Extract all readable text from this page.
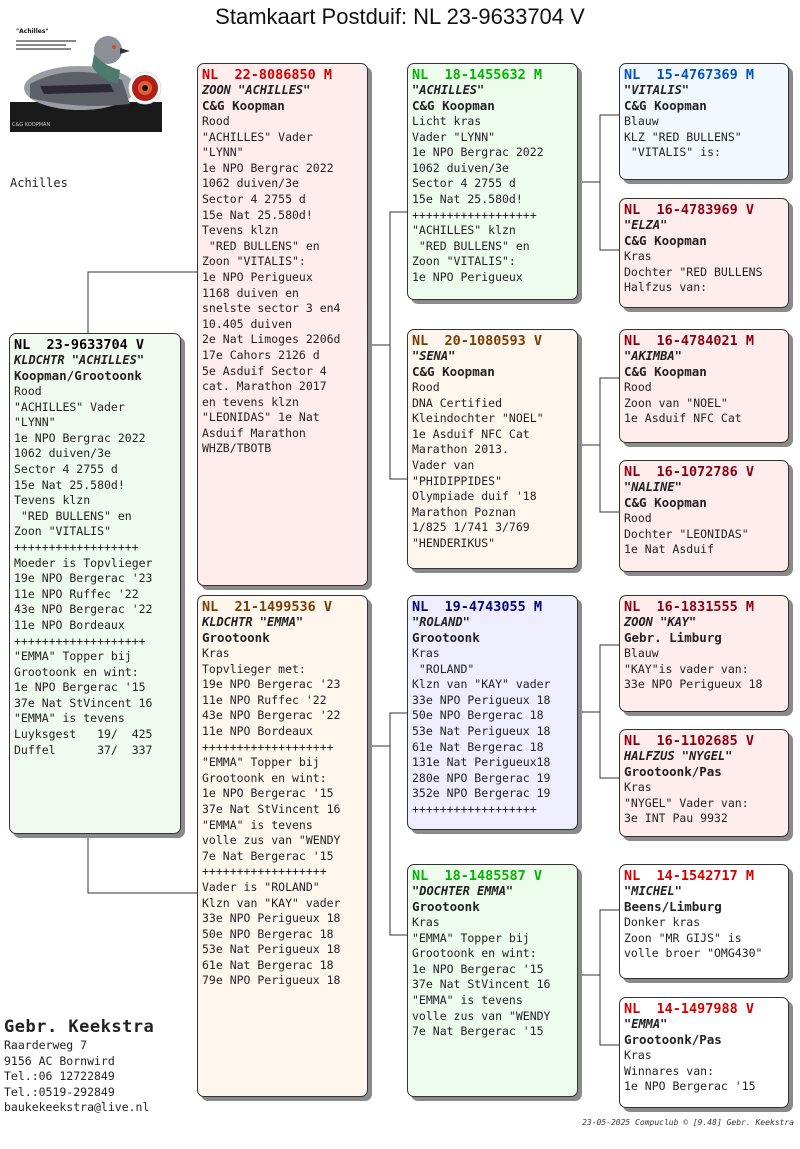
Stamkaart Postduif: NL 23-9633704 V
C&G KOOPMAN
"Achilles"
Achilles
NL  23-9633704 V
KLDCHTR "ACHILLES"
Koopman/Grootoonk
Rood
"ACHILLES" Vader
"LYNN"
1e NPO Bergrac 2022
1062 duiven/3e
Sector 4 2755 d
15e Nat 25.580d!
Tevens klzn
"RED BULLENS" en
Zoon "VITALIS"
++++++++++++++++++
Moeder is Topvlieger
19e NPO Bergerac '23
11e NPO Ruffec '22
43e NPO Bergerac '22
11e NPO Bordeaux
+++++++++++++++++++
"EMMA" Topper bij
Grootoonk en wint:
1e NPO Bergerac '15
37e Nat StVincent 16
"EMMA" is tevens
Luyksgest   19/  425
Duffel      37/  337
NL  22-8086850 M
ZOON "ACHILLES"
C&G Koopman
Rood
"ACHILLES" Vader
"LYNN"
1e NPO Bergrac 2022
1062 duiven/3e
Sector 4 2755 d
15e Nat 25.580d!
Tevens klzn
"RED BULLENS" en
Zoon "VITALIS":
1e NPO Perigueux
1168 duiven en
snelste sector 3 en4
10.405 duiven
2e Nat Limoges 2206d
17e Cahors 2126 d
5e Asduif Sector 4
cat. Marathon 2017
en tevens klzn
"LEONIDAS" 1e Nat
Asduif Marathon
WHZB/TBOTB
NL  21-1499536 V
KLDCHTR "EMMA"
Grootoonk
Kras
Topvlieger met:
19e NPO Bergerac '23
11e NPO Ruffec '22
43e NPO Bergerac '22
11e NPO Bordeaux
+++++++++++++++++++
"EMMA" Topper bij
Grootoonk en wint:
1e NPO Bergerac '15
37e Nat StVincent 16
"EMMA" is tevens
volle zus van "WENDY
7e Nat Bergerac '15
++++++++++++++++++
Vader is "ROLAND"
Klzn van "KAY" vader
33e NPO Perigueux 18
50e NPO Bergerac 18
53e Nat Perigueux 18
61e Nat Bergerac 18
79e NPO Perigueux 18
NL  18-1455632 M
"ACHILLES"
C&G Koopman
Licht kras
Vader "LYNN"
1e NPO Bergrac 2022
1062 duiven/3e
Sector 4 2755 d
15e Nat 25.580d!
++++++++++++++++++
"ACHILLES" klzn
"RED BULLENS" en
Zoon "VITALIS":
1e NPO Perigueux
NL  20-1080593 V
"SENA"
C&G Koopman
Rood
DNA Certified
Kleindochter "NOEL"
1e Asduif NFC Cat
Marathon 2013.
Vader van
"PHIDIPPIDES"
Olympiade duif '18
Marathon Poznan
1/825 1/741 3/769
"HENDERIKUS"
NL  19-4743055 M
"ROLAND"
Grootoonk
Kras
"ROLAND"
Klzn van "KAY" vader
33e NPO Perigueux 18
50e NPO Bergerac 18
53e Nat Perigueux 18
61e Nat Bergerac 18
131e Nat Perigueux18
280e NPO Bergerac 19
352e NPO Bergerac 19
++++++++++++++++++
NL  18-1485587 V
"DOCHTER EMMA"
Grootoonk
Kras
"EMMA" Topper bij
Grootoonk en wint:
1e NPO Bergerac '15
37e Nat StVincent 16
"EMMA" is tevens
volle zus van "WENDY
7e Nat Bergerac '15
NL  15-4767369 M
"VITALIS"
C&G Koopman
Blauw
KLZ "RED BULLENS"
"VITALIS" is:
NL  16-4783969 V
"ELZA"
C&G Koopman
Kras
Dochter "RED BULLENS
Halfzus van:
NL  16-4784021 M
"AKIMBA"
C&G Koopman
Rood
Zoon van "NOEL"
1e Asduif NFC Cat
NL  16-1072786 V
"NALINE"
C&G Koopman
Rood
Dochter "LEONIDAS"
1e Nat Asduif
NL  16-1831555 M
ZOON "KAY"
Gebr. Limburg
Blauw
"KAY"is vader van:
33e NPO Perigueux 18
NL  16-1102685 V
HALFZUS "NYGEL"
Grootoonk/Pas
Kras
"NYGEL" Vader van:
3e INT Pau 9932
NL  14-1542717 M
"MICHEL"
Beens/Limburg
Donker kras
Zoon "MR GIJS" is
volle broer "OMG430"
NL  14-1497988 V
"EMMA"
Grootoonk/Pas
Kras
Winnares van:
1e NPO Bergerac '15
Gebr. Keekstra
Raarderweg 7
9156 AC Bornwird
Tel.:06 12722849
Tel.:0519-292849
baukekeekstra@live.nl
23-05-2025 Compuclub © [9.48] Gebr. Keekstra
